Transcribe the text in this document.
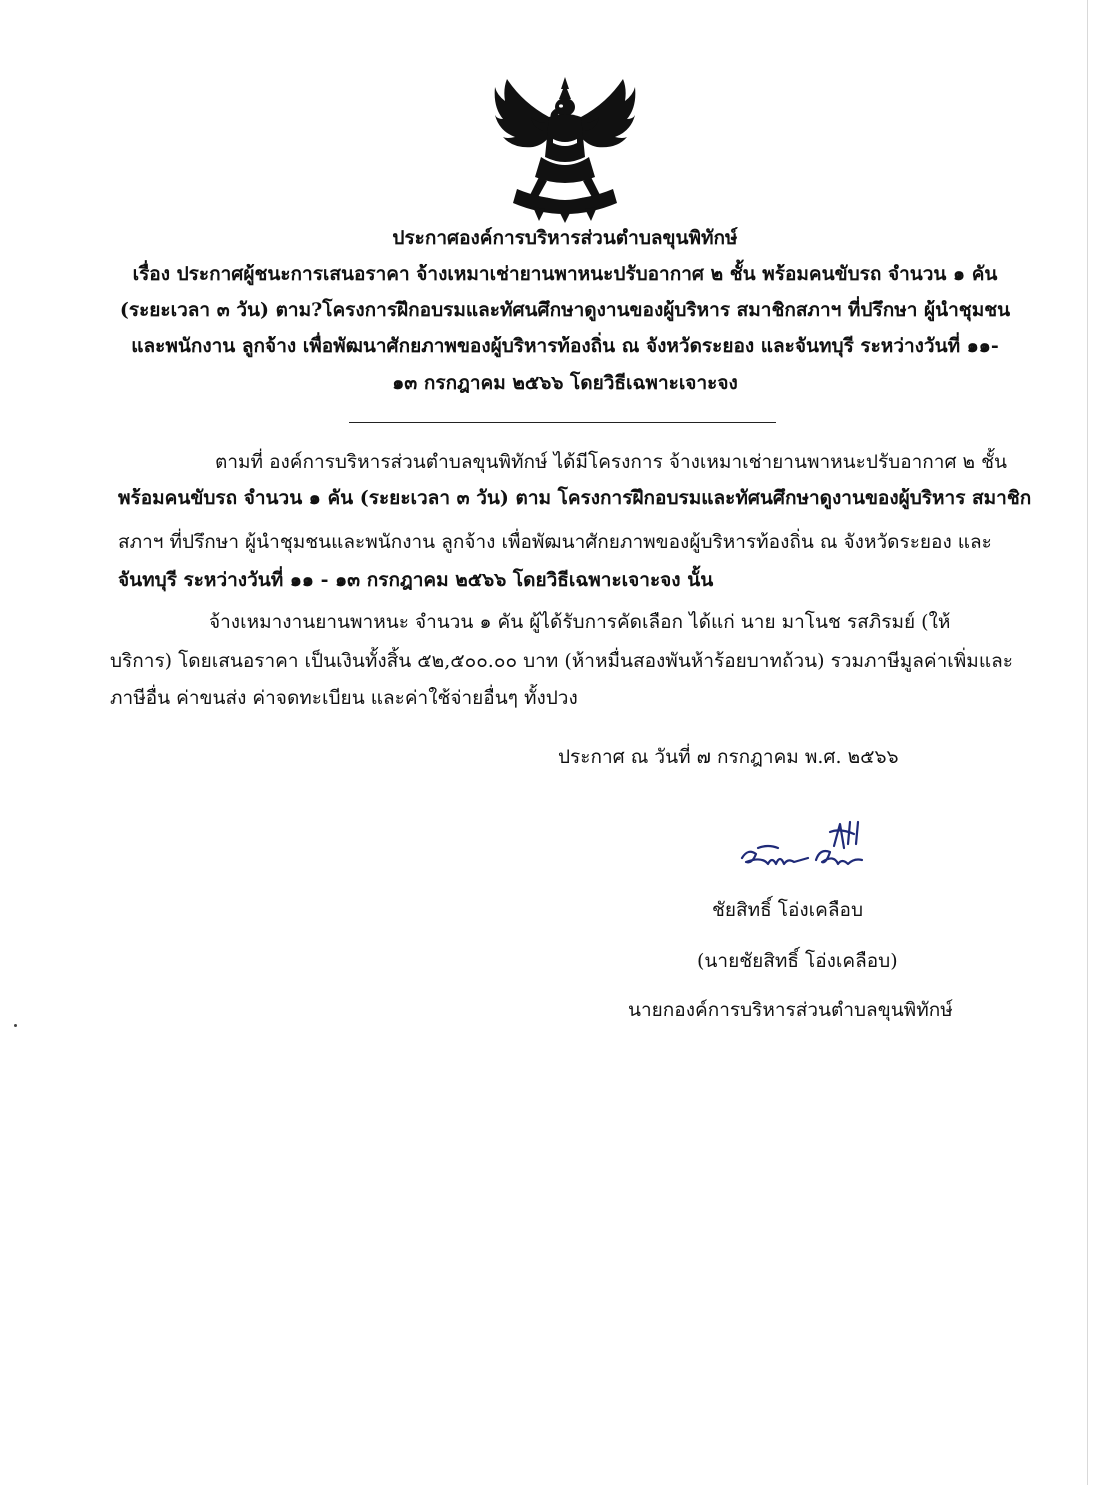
ประกาศองค์การบริหารส่วนตำบลขุนพิทักษ์
เรื่อง ประกาศผู้ชนะการเสนอราคา จ้างเหมาเช่ายานพาหนะปรับอากาศ ๒ ชั้น พร้อมคนขับรถ จำนวน ๑ คัน
(ระยะเวลา ๓ วัน) ตาม?โครงการฝึกอบรมและทัศนศึกษาดูงานของผู้บริหาร สมาชิกสภาฯ ที่ปรึกษา ผู้นำชุมชน
และพนักงาน ลูกจ้าง เพื่อพัฒนาศักยภาพของผู้บริหารท้องถิ่น ณ จังหวัดระยอง และจันทบุรี ระหว่างวันที่ ๑๑-
๑๓ กรกฎาคม ๒๕๖๖ โดยวิธีเฉพาะเจาะจง
ตามที่ องค์การบริหารส่วนตำบลขุนพิทักษ์ ได้มีโครงการ จ้างเหมาเช่ายานพาหนะปรับอากาศ ๒ ชั้น
พร้อมคนขับรถ จำนวน ๑ คัน (ระยะเวลา ๓ วัน) ตาม โครงการฝึกอบรมและทัศนศึกษาดูงานของผู้บริหาร สมาชิก
สภาฯ ที่ปรึกษา ผู้นำชุมชนและพนักงาน ลูกจ้าง เพื่อพัฒนาศักยภาพของผู้บริหารท้องถิ่น ณ จังหวัดระยอง และ
จันทบุรี ระหว่างวันที่ ๑๑ - ๑๓ กรกฎาคม ๒๕๖๖ โดยวิธีเฉพาะเจาะจง นั้น
จ้างเหมางานยานพาหนะ จำนวน ๑ คัน ผู้ได้รับการคัดเลือก ได้แก่ นาย มาโนช รสภิรมย์ (ให้
บริการ) โดยเสนอราคา เป็นเงินทั้งสิ้น ๕๒,๕๐๐.๐๐ บาท (ห้าหมื่นสองพันห้าร้อยบาทถ้วน) รวมภาษีมูลค่าเพิ่มและ
ภาษีอื่น ค่าขนส่ง ค่าจดทะเบียน และค่าใช้จ่ายอื่นๆ ทั้งปวง
ประกาศ ณ วันที่ ๗ กรกฎาคม พ.ศ. ๒๕๖๖
ชัยสิทธิ์ โอ่งเคลือบ
(นายชัยสิทธิ์ โอ่งเคลือบ)
นายกองค์การบริหารส่วนตำบลขุนพิทักษ์
